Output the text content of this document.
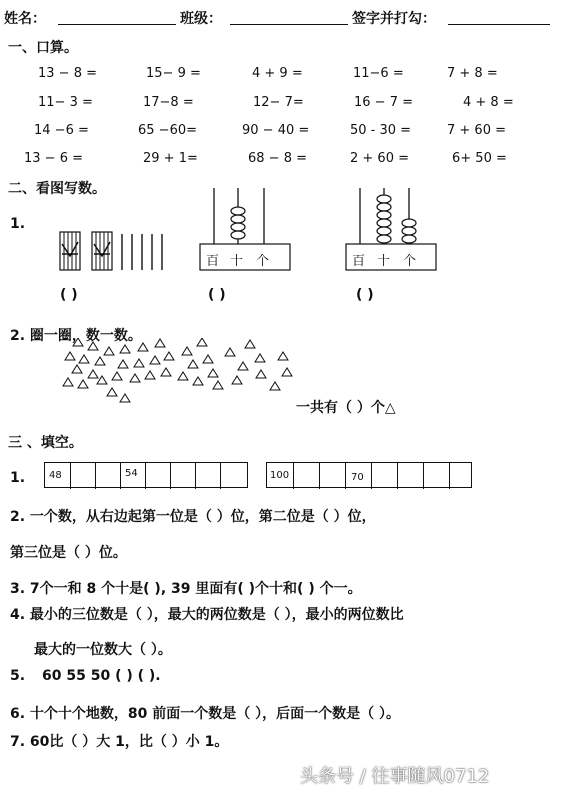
姓名：	班级：	签字并打勾：
一、口算。
13 − 8 =	15− 9 =	4 + 9 =	11−6 =	7 + 8 =
11− 3 =	17−8 =	12− 7=	16 − 7 =	4 + 8 =
14 −6 =	65 −60=	90 − 40 =	50 - 30 =	7 + 60 =
13 − 6 =	29 + 1=	68 − 8 =	2 + 60 =	6+ 50 =
二、看图写数。
1.
百 十 个	百 十 个
( )	( )	( )
2. 圈一圈，数一数。
一共有（ ）个△
三 、填空。
1. 48	54	100	70
2. 一个数，从右边起第一位是（ ）位，第二位是（ ）位，
第三位是（ ）位。
3. 7个一和 8 个十是( ), 39 里面有( )个十和( ) 个一。
4. 最小的三位数是（ ），最大的两位数是（ ），最小的两位数比
最大的一位数大（ ）。
5. 60 55 50 ( ) ( ).
6. 十个十个地数，80 前面一个数是（ ），后面一个数是（ ）。
7. 60比（ ）大 1，比（ ）小 1。
头条号 / 往事随风0712
